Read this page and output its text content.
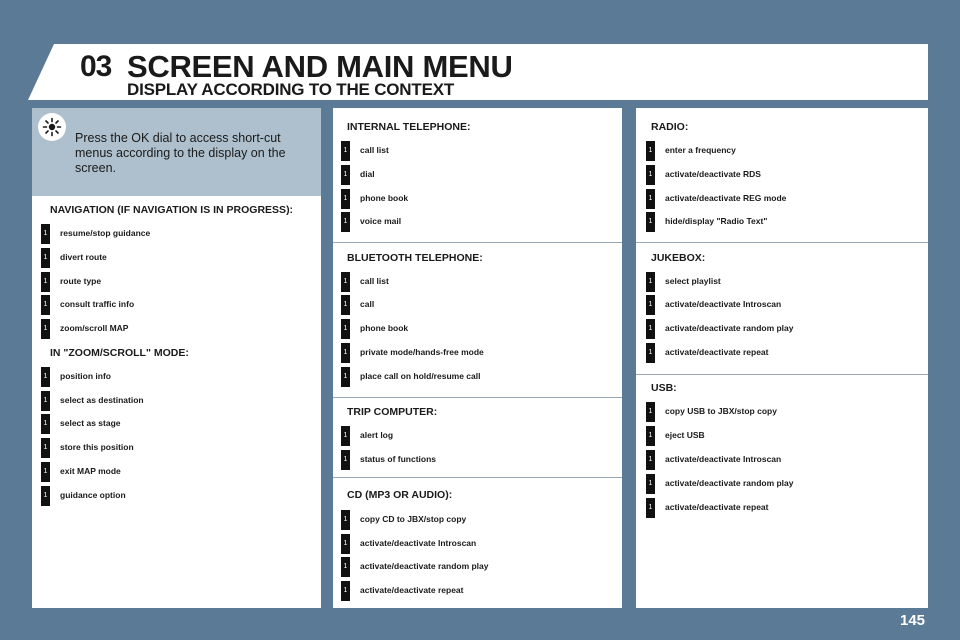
03 SCREEN AND MAIN MENU
DISPLAY ACCORDING TO THE CONTEXT
Press the OK dial to access short-cut menus according to the display on the screen.
NAVIGATION (IF NAVIGATION IS IN PROGRESS):
1 resume/stop guidance
1 divert route
1 route type
1 consult traffic info
1 zoom/scroll MAP
IN "ZOOM/SCROLL" MODE:
1 position info
1 select as destination
1 select as stage
1 store this position
1 exit MAP mode
1 guidance option
INTERNAL TELEPHONE:
1 call list
1 dial
1 phone book
1 voice mail
BLUETOOTH TELEPHONE:
1 call list
1 call
1 phone book
1 private mode/hands-free mode
1 place call on hold/resume call
TRIP COMPUTER:
1 alert log
1 status of functions
CD (MP3 OR AUDIO):
1 copy CD to JBX/stop copy
1 activate/deactivate Introscan
1 activate/deactivate random play
1 activate/deactivate repeat
RADIO:
1 enter a frequency
1 activate/deactivate RDS
1 activate/deactivate REG mode
1 hide/display "Radio Text"
JUKEBOX:
1 select playlist
1 activate/deactivate Introscan
1 activate/deactivate random play
1 activate/deactivate repeat
USB:
1 copy USB to JBX/stop copy
1 eject USB
1 activate/deactivate Introscan
1 activate/deactivate random play
1 activate/deactivate repeat
145
